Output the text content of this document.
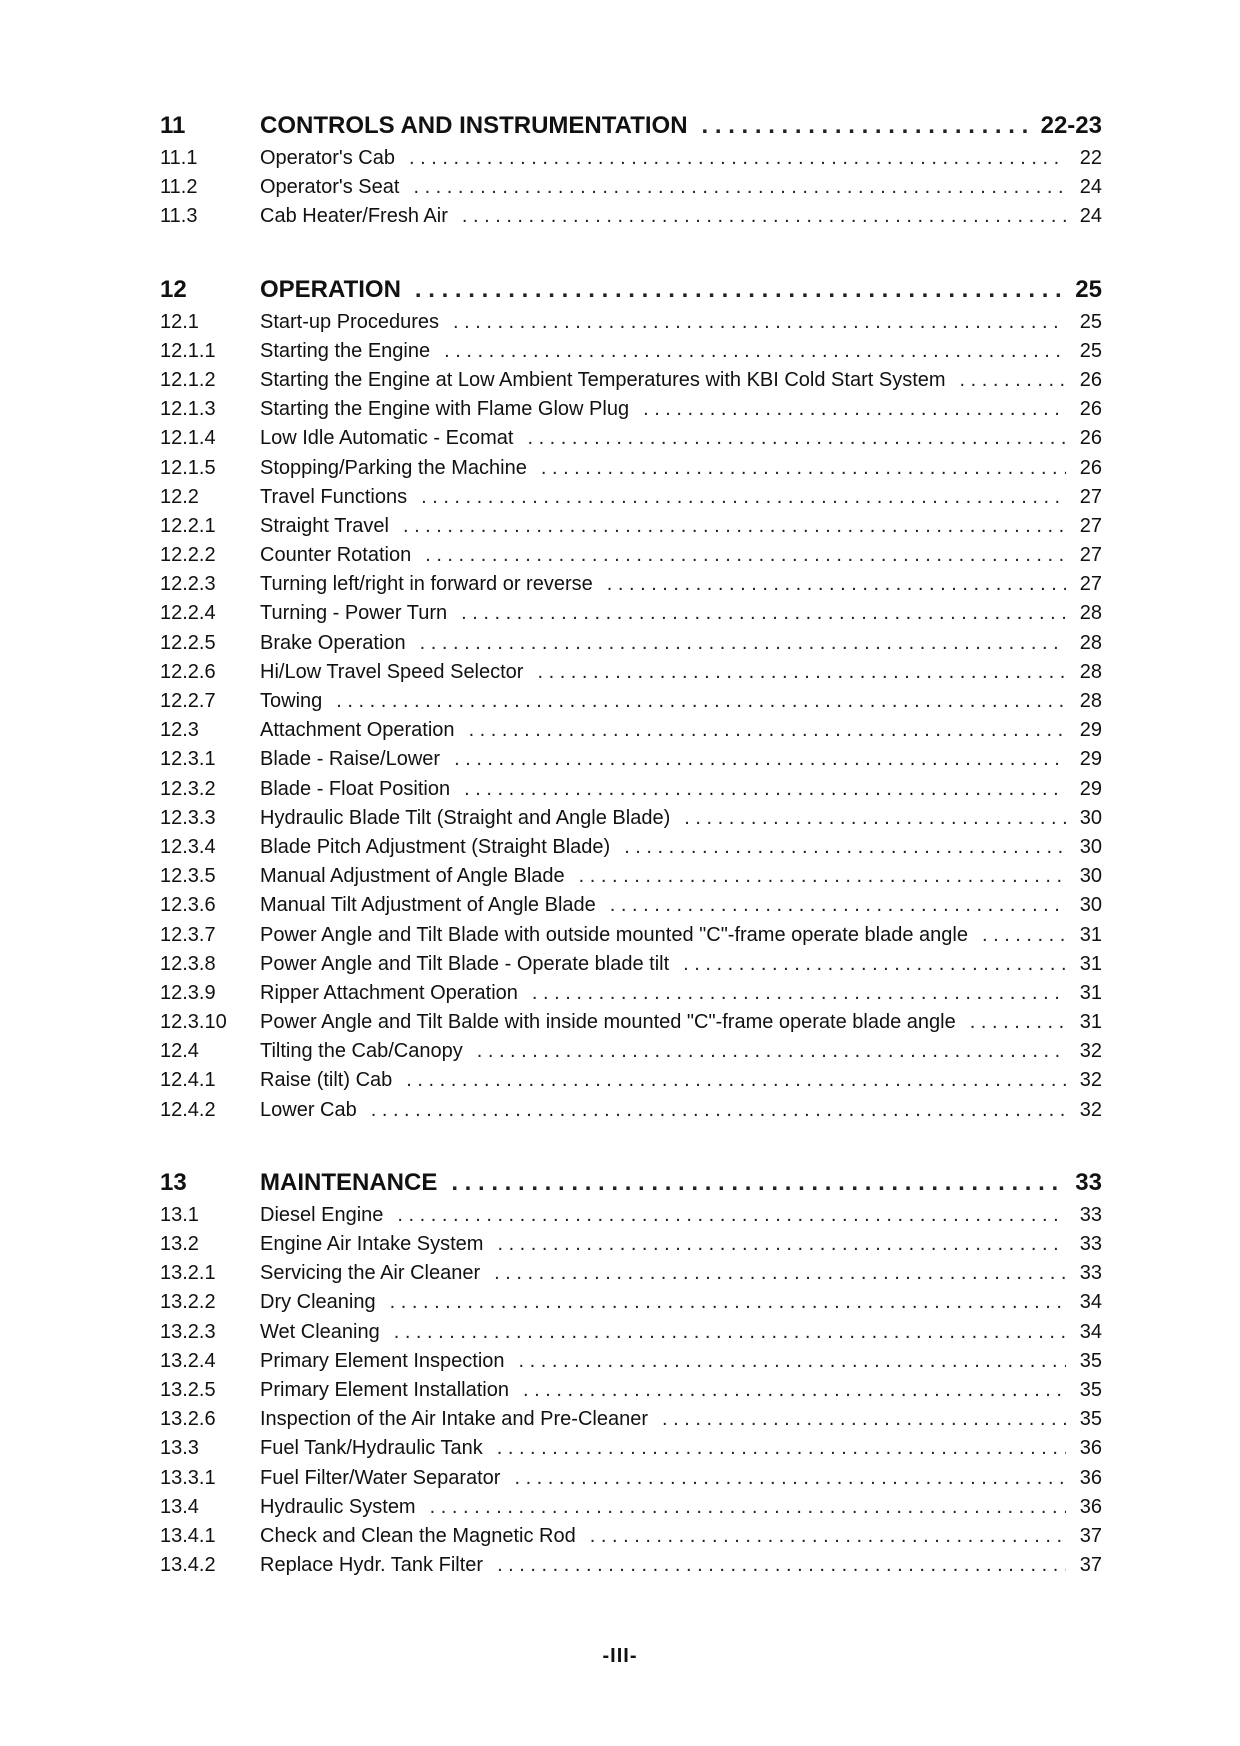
11	CONTROLS AND INSTRUMENTATION . . .	22-23
11.1	Operator's Cab . . .	22
11.2	Operator's Seat . . .	24
11.3	Cab Heater/Fresh Air . . .	24
12	OPERATION . . .	25
12.1	Start-up Procedures . . .	25
12.1.1	Starting the Engine . . .	25
12.1.2	Starting the Engine at Low Ambient Temperatures with KBI Cold Start System . . .	26
12.1.3	Starting the Engine with Flame Glow Plug . . .	26
12.1.4	Low Idle Automatic - Ecomat . . .	26
12.1.5	Stopping/Parking the Machine . . .	26
12.2	Travel Functions . . .	27
12.2.1	Straight Travel . . .	27
12.2.2	Counter Rotation . . .	27
12.2.3	Turning left/right in forward or reverse . . .	27
12.2.4	Turning - Power Turn . . .	28
12.2.5	Brake Operation . . .	28
12.2.6	Hi/Low Travel Speed Selector . . .	28
12.2.7	Towing . . .	28
12.3	Attachment Operation . . .	29
12.3.1	Blade - Raise/Lower . . .	29
12.3.2	Blade - Float Position . . .	29
12.3.3	Hydraulic Blade Tilt (Straight and Angle Blade) . . .	30
12.3.4	Blade Pitch Adjustment (Straight Blade) . . .	30
12.3.5	Manual Adjustment of Angle Blade . . .	30
12.3.6	Manual Tilt Adjustment of Angle Blade . . .	30
12.3.7	Power Angle and Tilt Blade with outside mounted "C"-frame operate blade angle . . .	31
12.3.8	Power Angle and Tilt Blade - Operate blade tilt . . .	31
12.3.9	Ripper Attachment Operation . . .	31
12.3.10	Power Angle and Tilt Balde with inside mounted "C"-frame operate blade angle . . .	31
12.4	Tilting the Cab/Canopy . . .	32
12.4.1	Raise (tilt) Cab . . .	32
12.4.2	Lower Cab . . .	32
13	MAINTENANCE . . .	33
13.1	Diesel Engine . . .	33
13.2	Engine Air Intake System . . .	33
13.2.1	Servicing the Air Cleaner . . .	33
13.2.2	Dry Cleaning . . .	34
13.2.3	Wet Cleaning . . .	34
13.2.4	Primary Element Inspection . . .	35
13.2.5	Primary Element Installation . . .	35
13.2.6	Inspection of the Air Intake and Pre-Cleaner . . .	35
13.3	Fuel Tank/Hydraulic Tank . . .	36
13.3.1	Fuel Filter/Water Separator . . .	36
13.4	Hydraulic System . . .	36
13.4.1	Check and Clean the Magnetic Rod . . .	37
13.4.2	Replace Hydr. Tank Filter . . .	37
-III-
